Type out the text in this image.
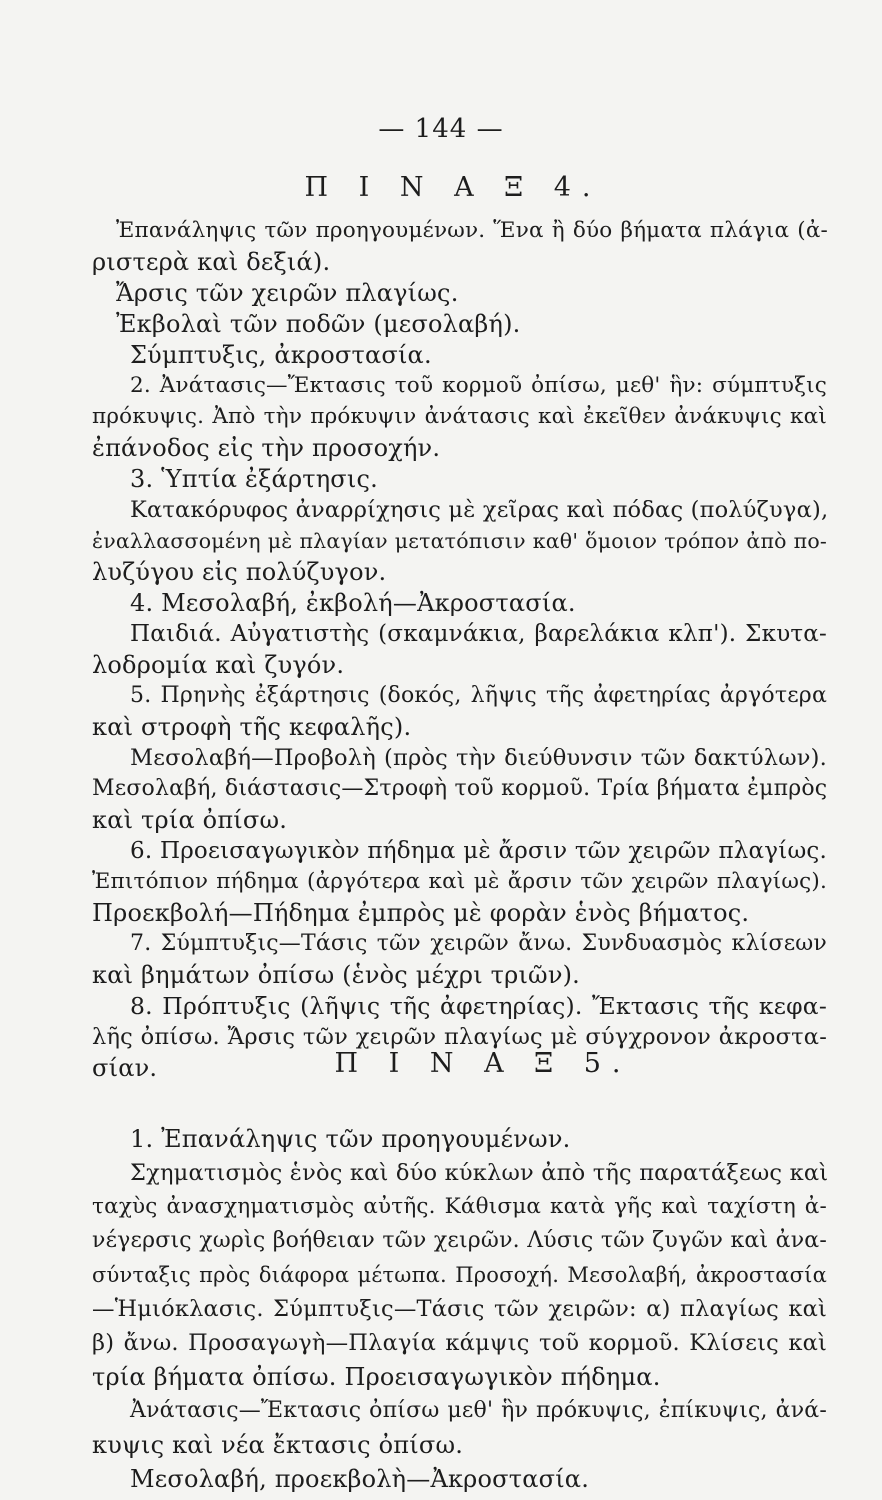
— 144 —
Π Ι Ν Α Ξ 4.
Ἐπανάληψις τῶν προηγουμένων. Ἕνα ἢ δύο βήματα πλάγια (ἀ-
ριστερὰ καὶ δεξιά).
Ἄρσις τῶν χειρῶν πλαγίως.
Ἐκβολαὶ τῶν ποδῶν (μεσολαβή).
Σύμπτυξις, ἀκροστασία.
2. Ἀνάτασις—Ἔκτασις τοῦ κορμοῦ ὀπίσω, μεθ' ἣν: σύμπτυξις
πρόκυψις. Ἀπὸ τὴν πρόκυψιν ἀνάτασις καὶ ἐκεῖθεν ἀνάκυψις καὶ
ἐπάνοδος εἰς τὴν προσοχήν.
3. Ὑπτία ἐξάρτησις.
Κατακόρυφος ἀναρρίχησις μὲ χεῖρας καὶ πόδας (πολύζυγα),
ἐναλλασσομένη μὲ πλαγίαν μετατόπισιν καθ' ὅμοιον τρόπον ἀπὸ πο-
λυζύγου εἰς πολύζυγον.
4. Μεσολαβή, ἐκβολή—Ἀκροστασία.
Παιδιά. Αὐγατιστὴς (σκαμνάκια, βαρελάκια κλπ'). Σκυτα-
λοδρομία καὶ ζυγόν.
5. Πρηνὴς ἐξάρτησις (δοκός, λῆψις τῆς ἀφετηρίας ἀργότερα
καὶ στροφὴ τῆς κεφαλῆς).
Μεσολαβή—Προβολὴ (πρὸς τὴν διεύθυνσιν τῶν δακτύλων).
Μεσολαβή, διάστασις—Στροφὴ τοῦ κορμοῦ. Τρία βήματα ἐμπρὸς
καὶ τρία ὀπίσω.
6. Προεισαγωγικὸν πήδημα μὲ ἄρσιν τῶν χειρῶν πλαγίως.
Ἐπιτόπιον πήδημα (ἀργότερα καὶ μὲ ἄρσιν τῶν χειρῶν πλαγίως).
Προεκβολή—Πήδημα ἐμπρὸς μὲ φορὰν ἑνὸς βήματος.
7. Σύμπτυξις—Τάσις τῶν χειρῶν ἄνω. Συνδυασμὸς κλίσεων
καὶ βημάτων ὀπίσω (ἑνὸς μέχρι τριῶν).
8. Πρόπτυξις (λῆψις τῆς ἀφετηρίας). Ἔκτασις τῆς κεφα-
λῆς ὀπίσω. Ἄρσις τῶν χειρῶν πλαγίως μὲ σύγχρονον ἀκροστα-
σίαν.	Π Ι Ν Α Ξ 5.
1. Ἐπανάληψις τῶν προηγουμένων.
Σχηματισμὸς ἑνὸς καὶ δύο κύκλων ἀπὸ τῆς παρατάξεως καὶ
ταχὺς ἀνασχηματισμὸς αὐτῆς. Κάθισμα κατὰ γῆς καὶ ταχίστη ἀ-
νέγερσις χωρὶς βοήθειαν τῶν χειρῶν. Λύσις τῶν ζυγῶν καὶ ἀνα-
σύνταξις πρὸς διάφορα μέτωπα. Προσοχή. Μεσολαβή, ἀκροστασία
—Ἡμιόκλασις. Σύμπτυξις—Τάσις τῶν χειρῶν: α) πλαγίως καὶ
β) ἄνω. Προσαγωγὴ—Πλαγία κάμψις τοῦ κορμοῦ. Κλίσεις καὶ
τρία βήματα ὀπίσω. Προεισαγωγικὸν πήδημα.
Ἀνάτασις—Ἔκτασις ὀπίσω μεθ' ἣν πρόκυψις, ἐπίκυψις, ἀνά-
κυψις καὶ νέα ἔκτασις ὀπίσω.
Μεσολαβή, προεκβολὴ—Ἀκροστασία.
